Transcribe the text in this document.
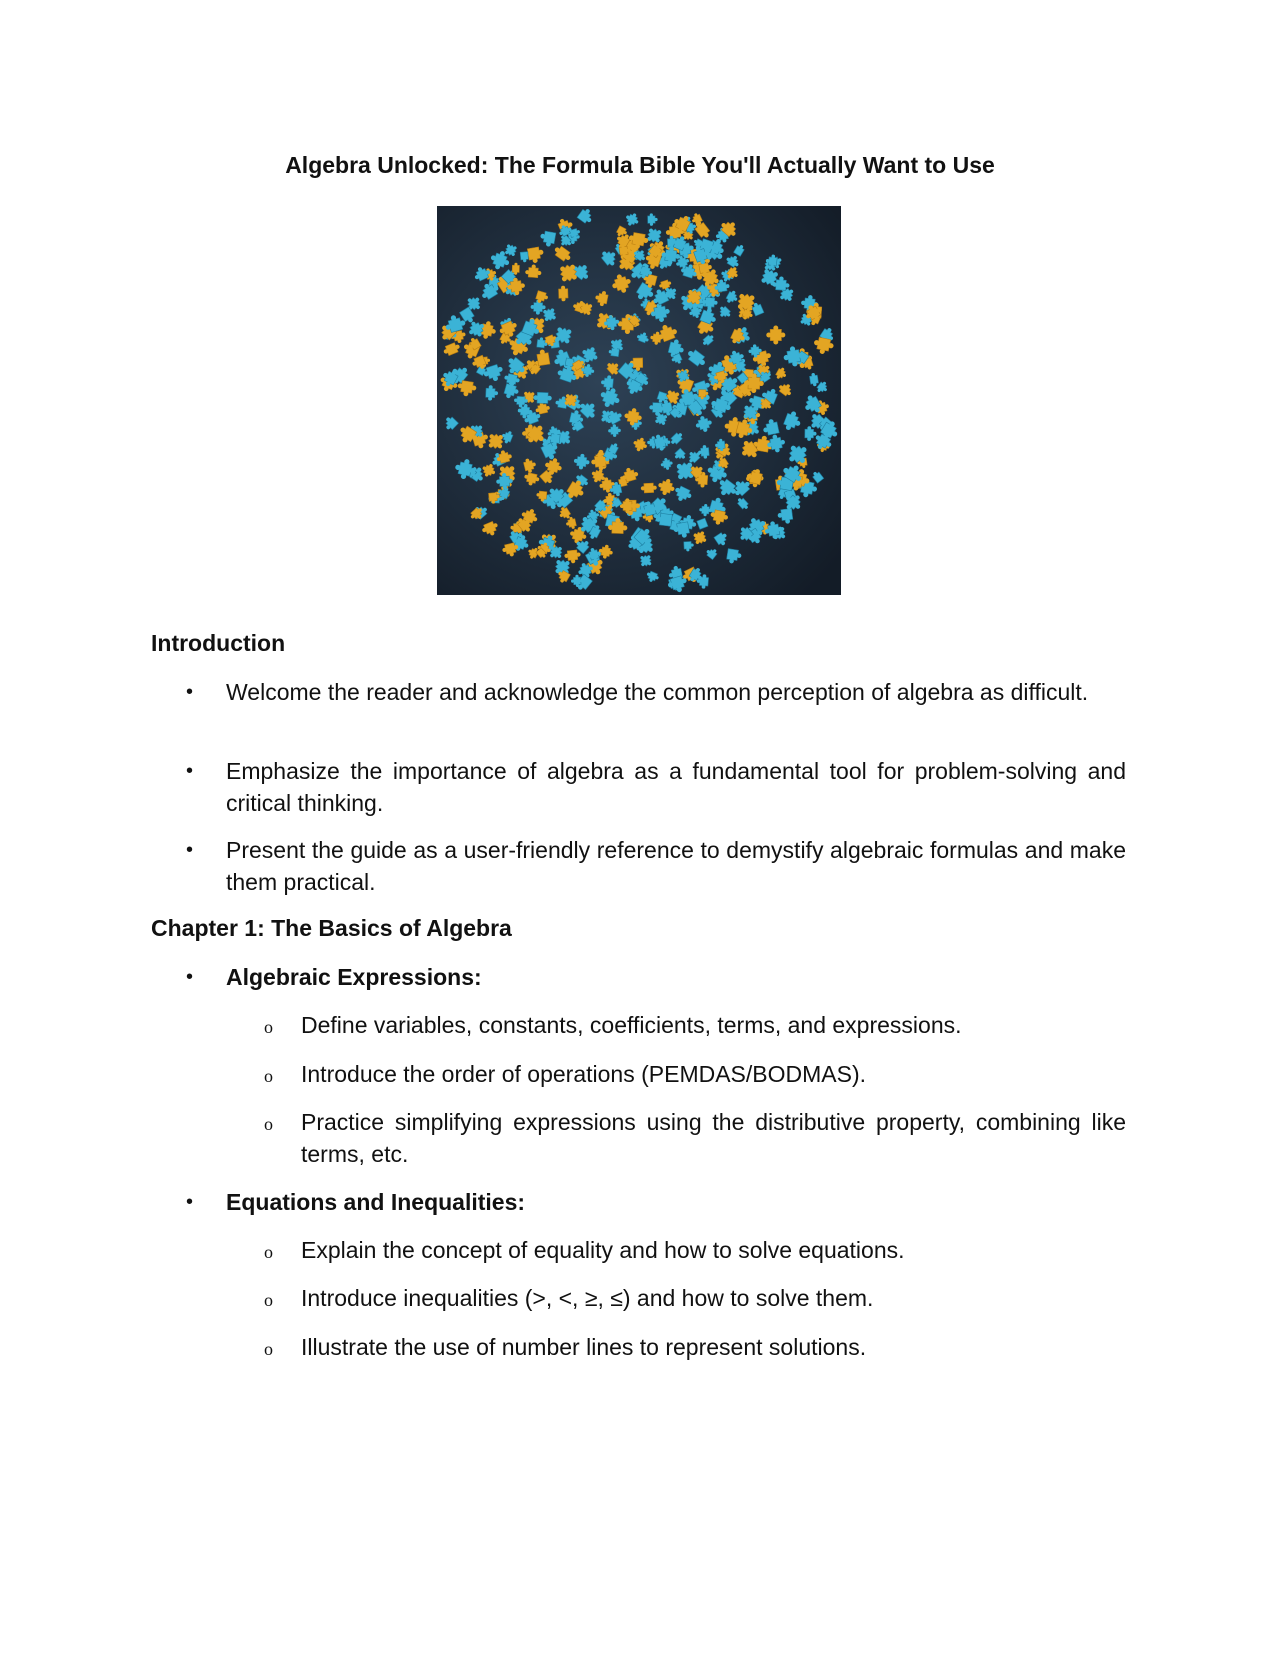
Algebra Unlocked: The Formula Bible You'll Actually Want to Use
Introduction
• Welcome the reader and acknowledge the common perception of algebra as difficult.

• Emphasize the importance of algebra as a fundamental tool for problem-solving and critical thinking.

• Present the guide as a user-friendly reference to demystify algebraic formulas and make them practical.

Chapter 1: The Basics of Algebra
• Algebraic Expressions:

o Define variables, constants, coefficients, terms, and expressions.

o Introduce the order of operations (PEMDAS/BODMAS).

o Practice simplifying expressions using the distributive property, combining like terms, etc.

• Equations and Inequalities:

o Explain the concept of equality and how to solve equations.

o Introduce inequalities (>, <, ≥, ≤) and how to solve them.

o Illustrate the use of number lines to represent solutions.
